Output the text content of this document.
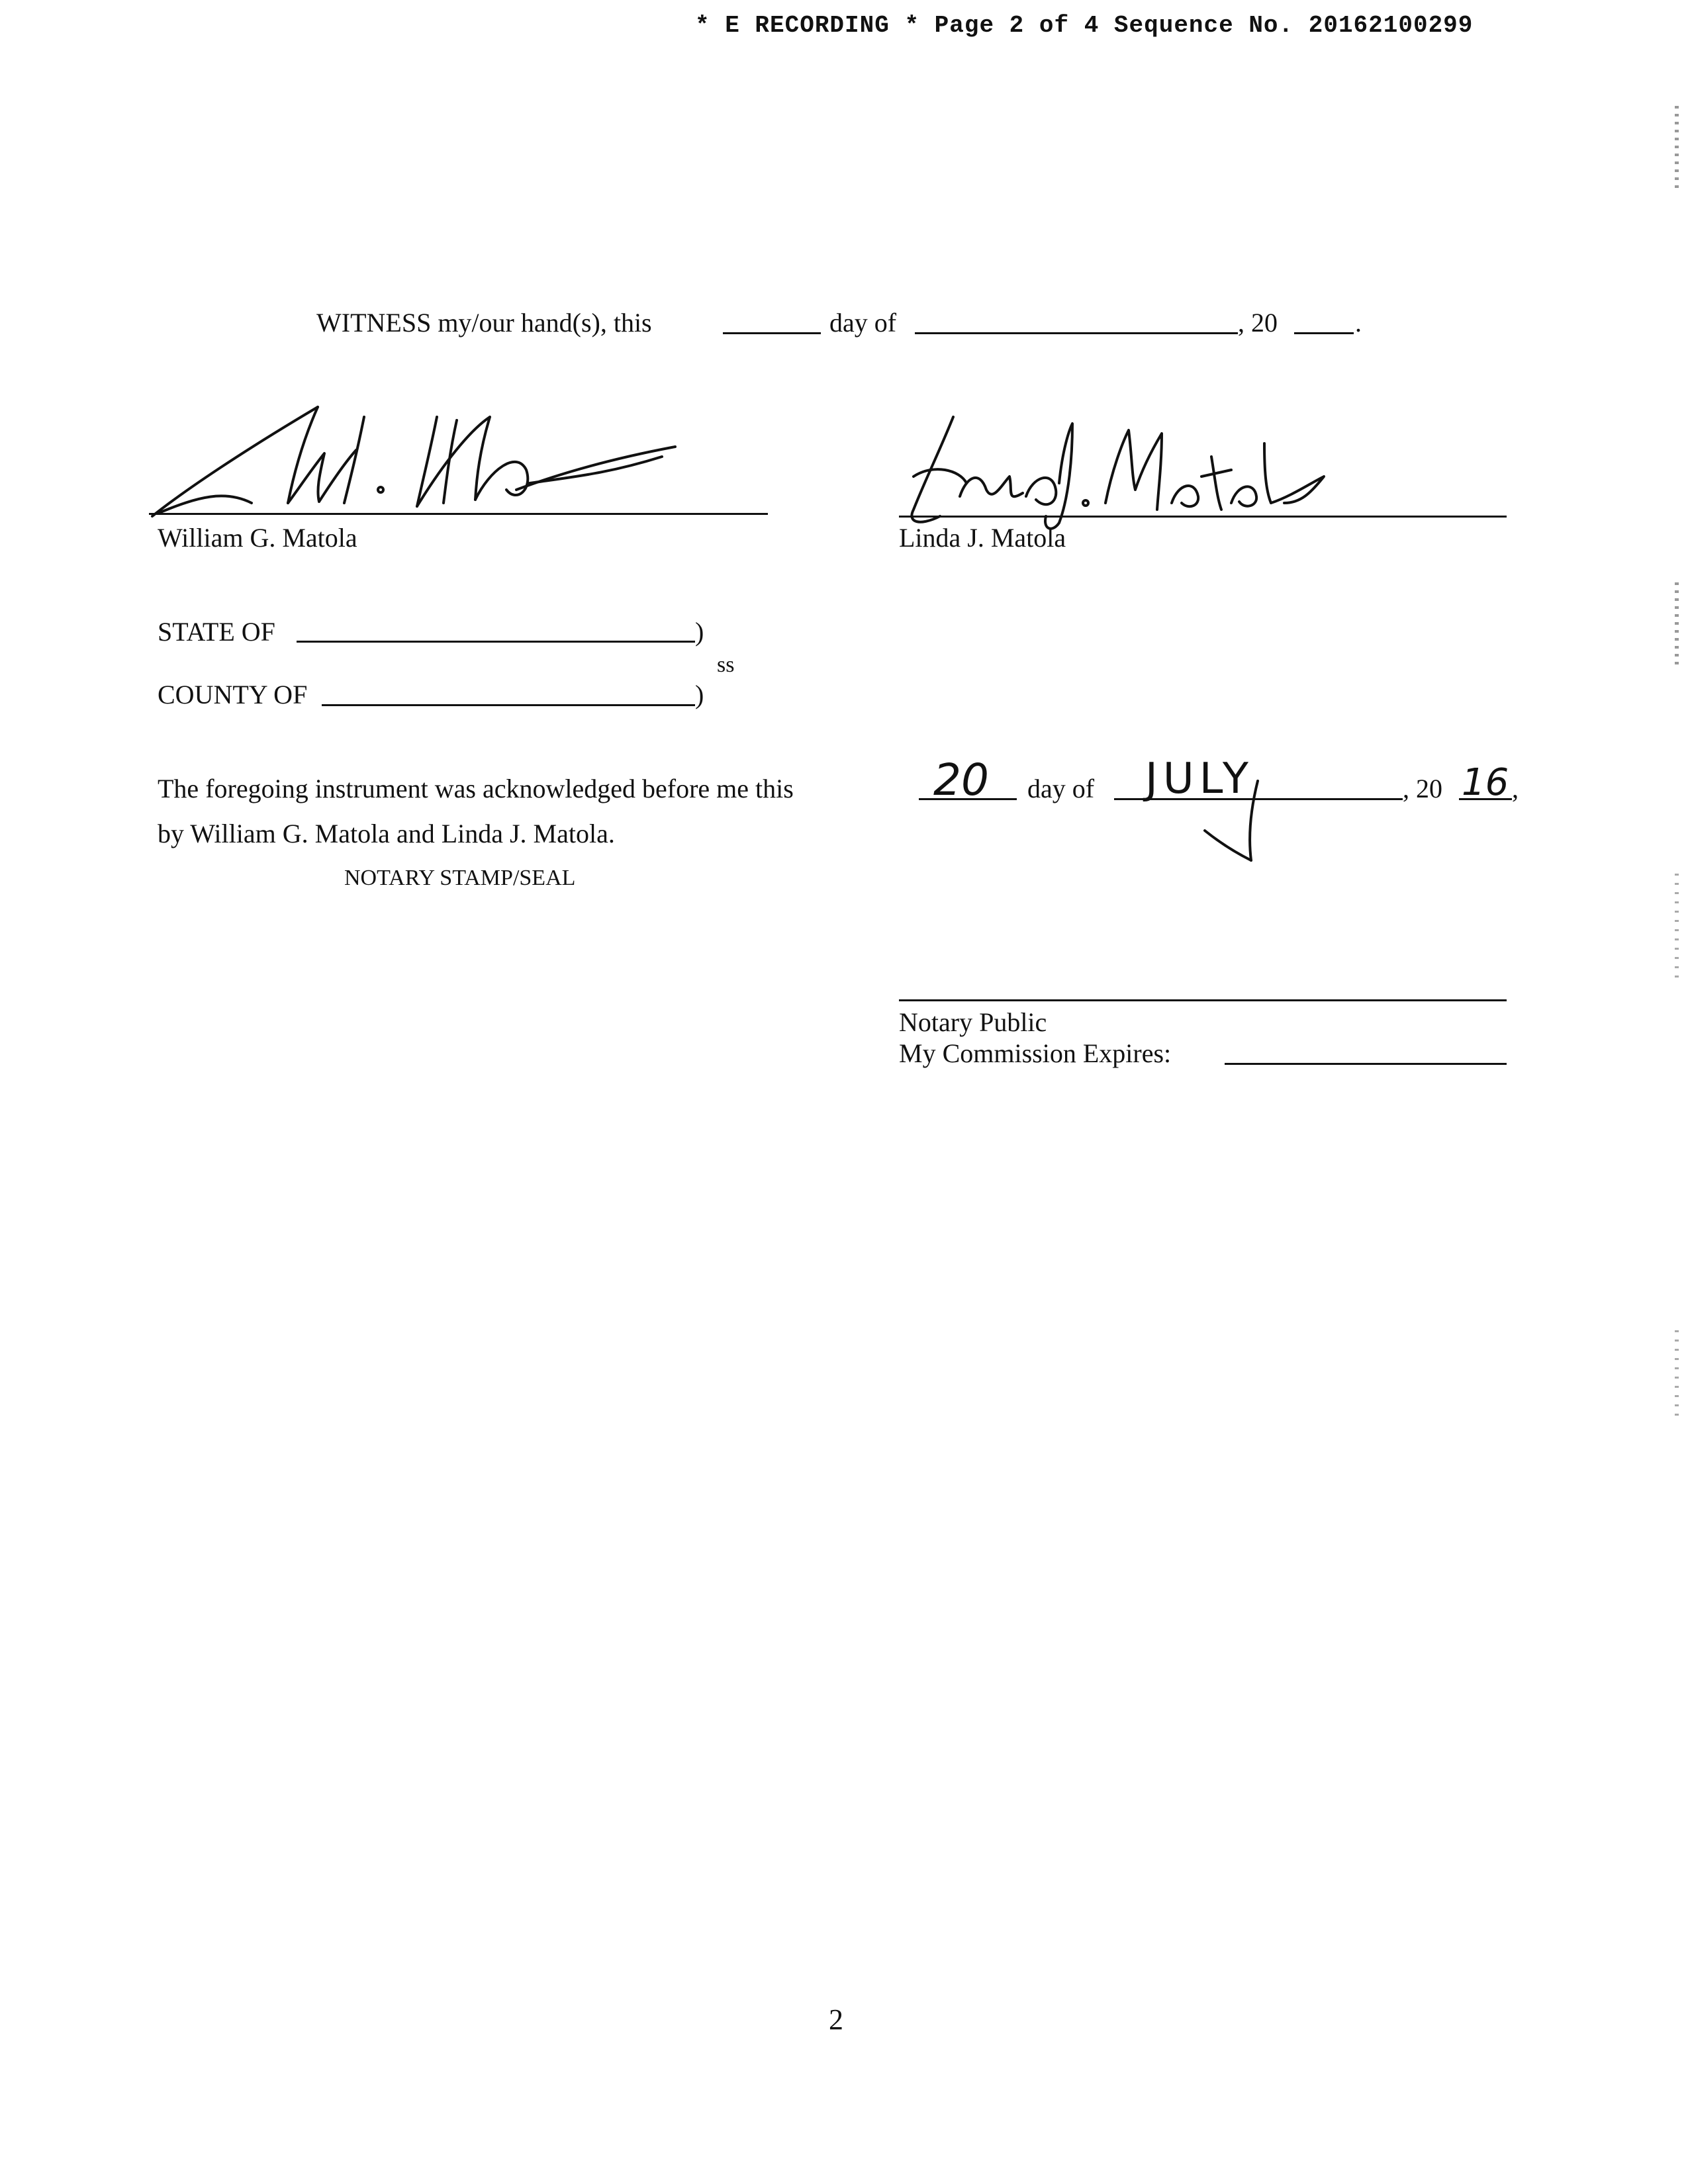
* E RECORDING * Page 2 of 4 Sequence No. 20162100299
WITNESS my/our hand(s), this	day of	, 20	.
William G. Matola	Linda J. Matola
STATE OF	)
ss
COUNTY OF	)
The foregoing instrument was acknowledged before me this	20 day of JULY	, 20 16 ,
by William G. Matola and Linda J. Matola.
NOTARY STAMP/SEAL
Notary Public
My Commission Expires:
2
